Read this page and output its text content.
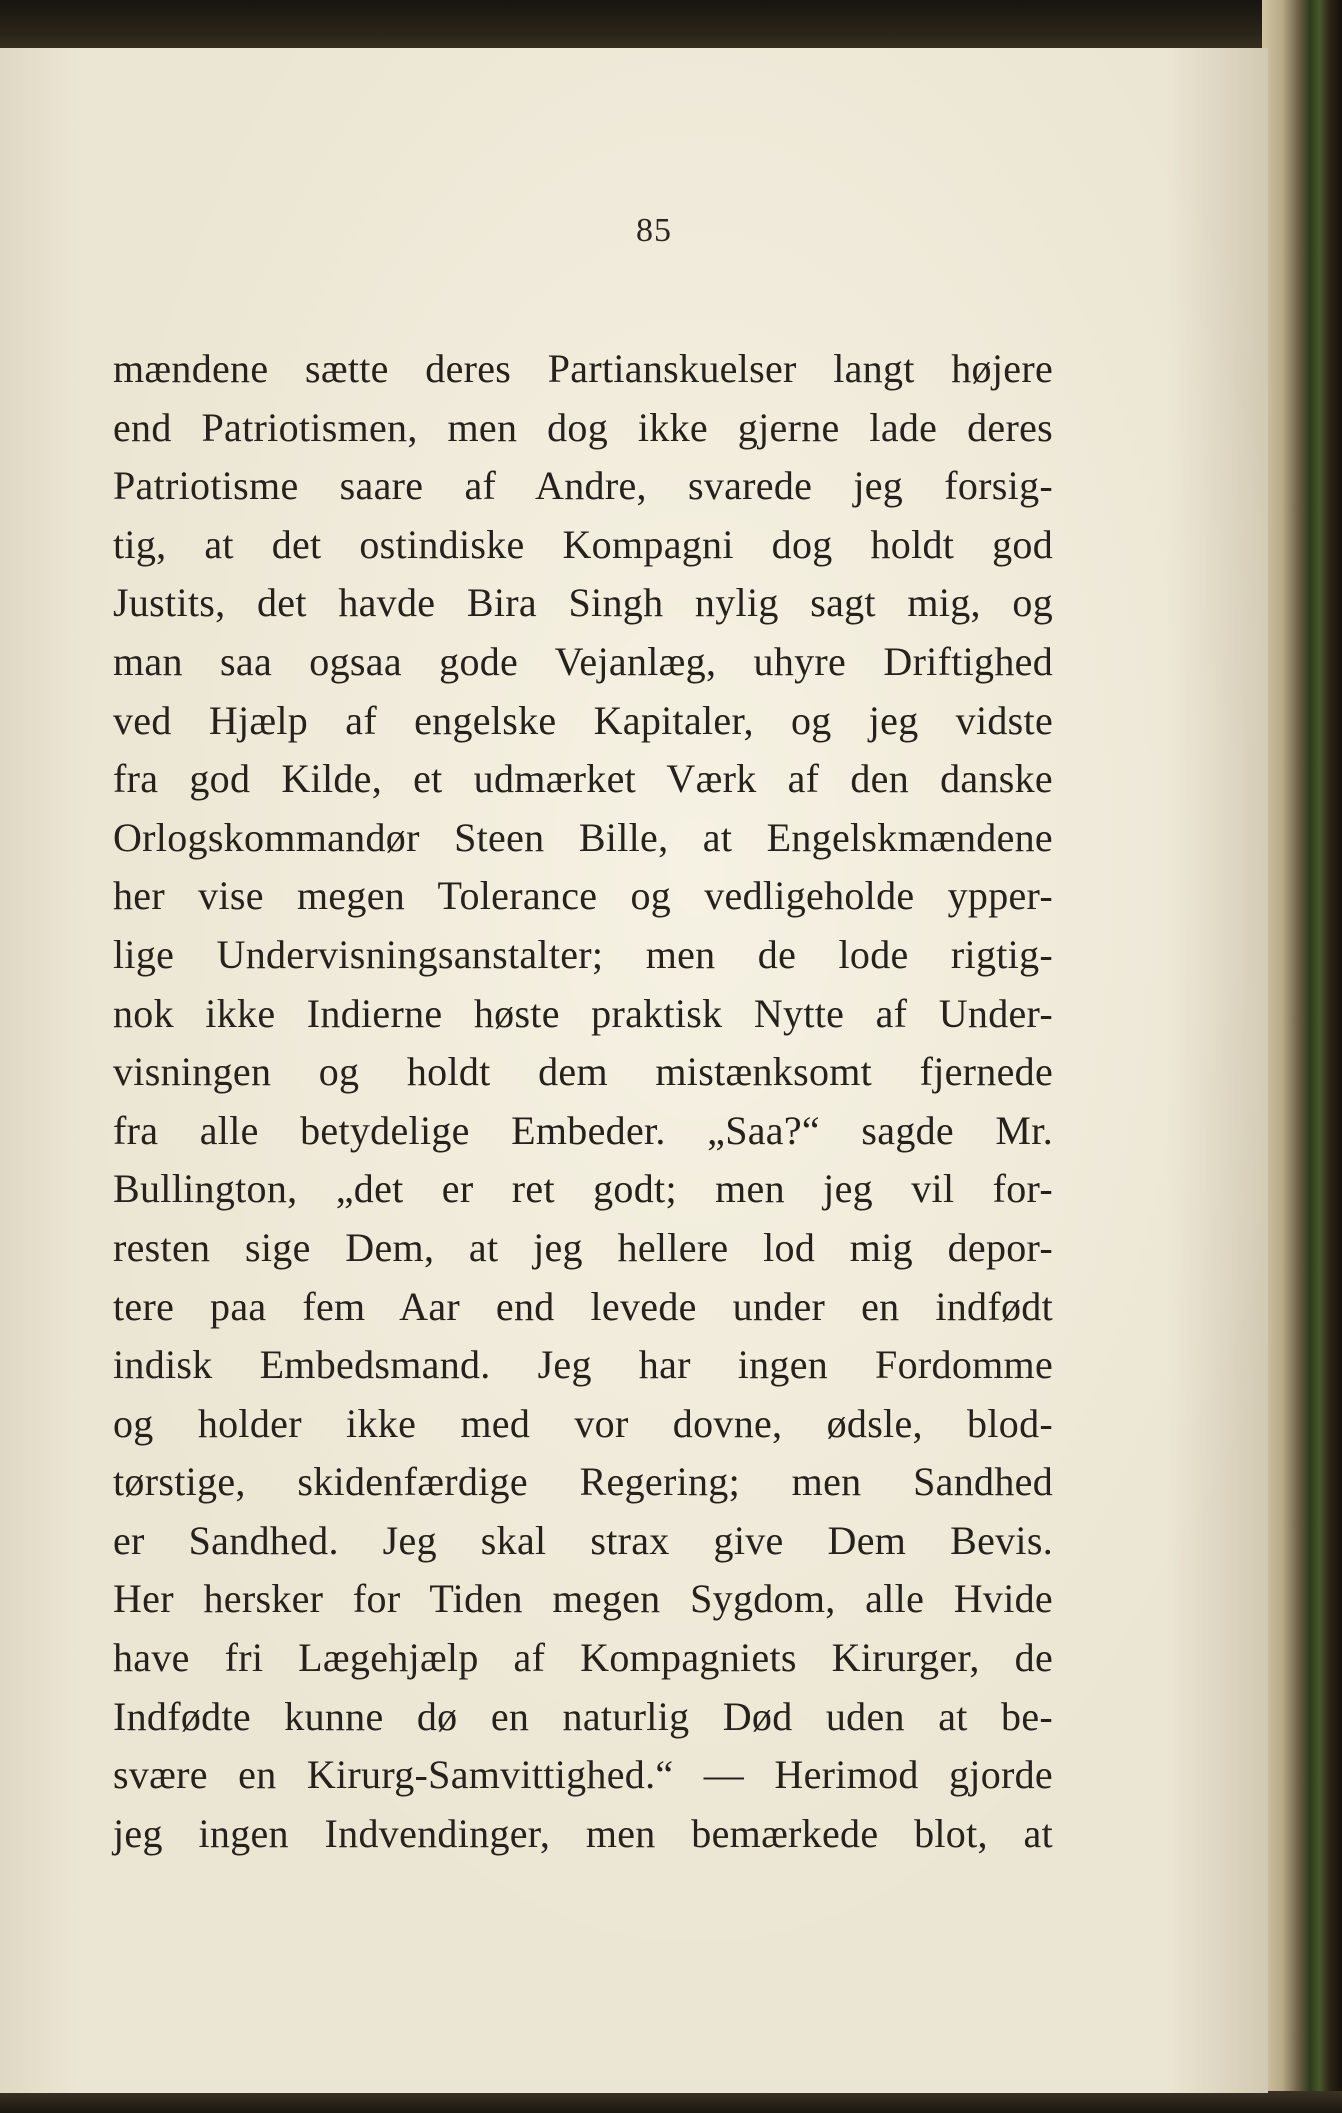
85
mændene sætte deres Partianskuelser langt højere
end Patriotismen, men dog ikke gjerne lade deres
Patriotisme saare af Andre, svarede jeg forsig-
tig, at det ostindiske Kompagni dog holdt god
Justits, det havde Bira Singh nylig sagt mig, og
man saa ogsaa gode Vejanlæg, uhyre Driftighed
ved Hjælp af engelske Kapitaler, og jeg vidste
fra god Kilde, et udmærket Værk af den danske
Orlogskommandør Steen Bille, at Engelskmændene
her vise megen Tolerance og vedligeholde ypper-
lige Undervisningsanstalter; men de lode rigtig-
nok ikke Indierne høste praktisk Nytte af Under-
visningen og holdt dem mistænksomt fjernede
fra alle betydelige Embeder. „Saa?“ sagde Mr.
Bullington, „det er ret godt; men jeg vil for-
resten sige Dem, at jeg hellere lod mig depor-
tere paa fem Aar end levede under en indfødt
indisk Embedsmand. Jeg har ingen Fordomme
og holder ikke med vor dovne, ødsle, blod-
tørstige, skidenfærdige Regering; men Sandhed
er Sandhed. Jeg skal strax give Dem Bevis.
Her hersker for Tiden megen Sygdom, alle Hvide
have fri Lægehjælp af Kompagniets Kirurger, de
Indfødte kunne dø en naturlig Død uden at be-
svære en Kirurg-Samvittighed.“ — Herimod gjorde
jeg ingen Indvendinger, men bemærkede blot, at
